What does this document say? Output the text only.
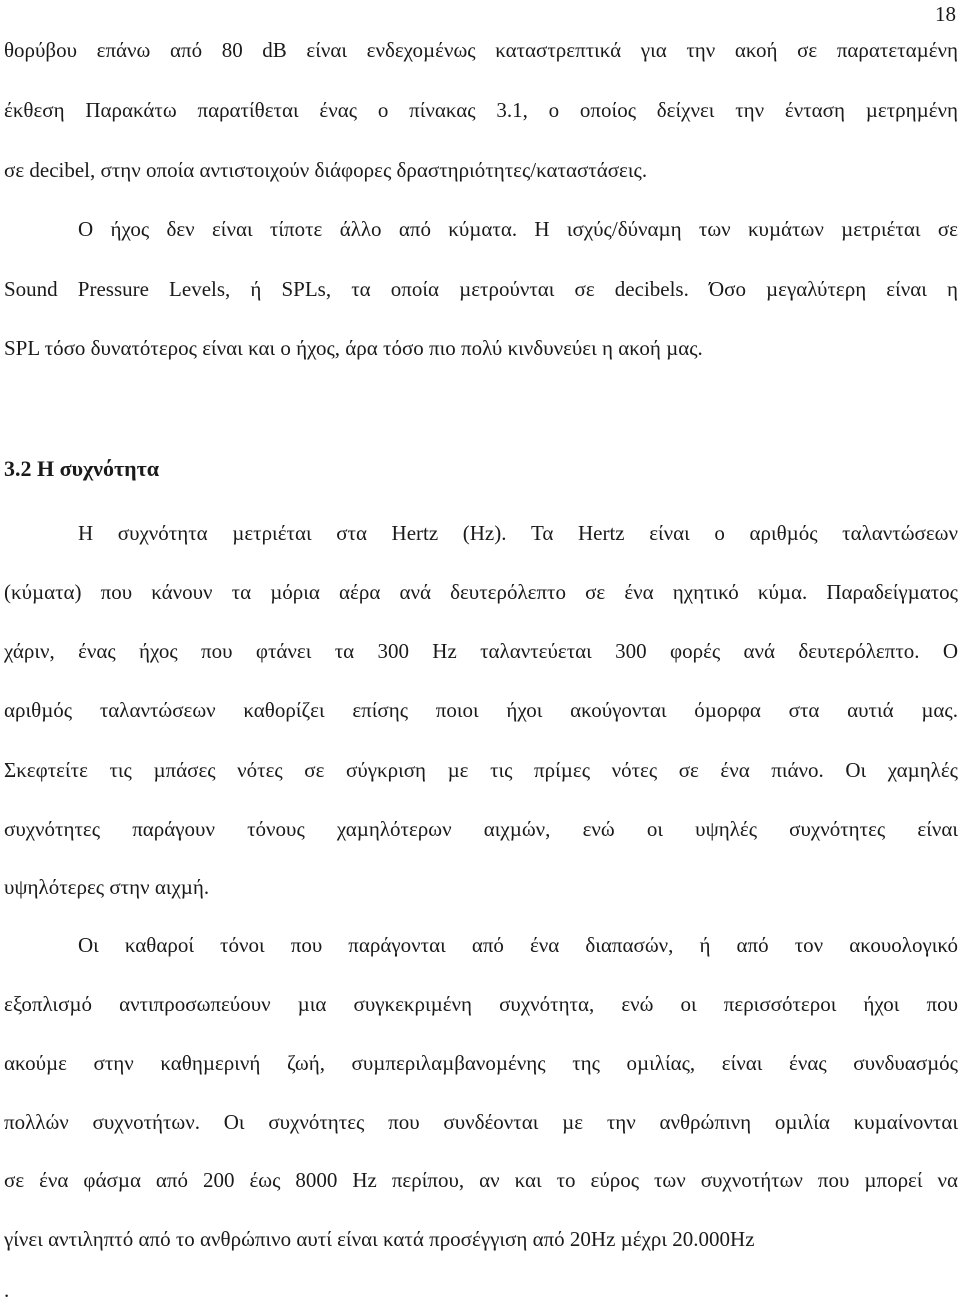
18
θορύβου επάνω από 80 dB είναι ενδεχοµένως καταστρεπτικά για την ακοή σε παρατεταµένη
έκθεση Παρακάτω παρατίθεται ένας ο πίνακας 3.1, ο οποίος δείχνει την ένταση µετρηµένη
σε decibel, στην οποία αντιστοιχούν διάφορες δραστηριότητες/καταστάσεις.
Ο ήχος δεν είναι τίποτε άλλο από κύµατα. Η ισχύς/δύναµη των κυµάτων µετριέται σε
Sound Pressure Levels, ή SPLs, τα οποία µετρούνται σε decibels. Όσο µεγαλύτερη είναι η
SPL τόσο δυνατότερος είναι και ο ήχος, άρα τόσο πιο πολύ κινδυνεύει η ακοή µας.
3.2 Η συχνότητα
Η συχνότητα µετριέται στα Hertz (Hz). Τα Hertz είναι ο αριθµός ταλαντώσεων
(κύµατα) που κάνουν τα µόρια αέρα ανά δευτερόλεπτο σε ένα ηχητικό κύµα. Παραδείγµατος
χάριν, ένας ήχος που φτάνει τα 300 Hz ταλαντεύεται 300 φορές ανά δευτερόλεπτο. Ο
αριθµός ταλαντώσεων καθορίζει επίσης ποιοι ήχοι ακούγονται όµορφα στα αυτιά µας.
Σκεφτείτε τις µπάσες νότες σε σύγκριση µε τις πρίµες νότες σε ένα πιάνο. Οι χαµηλές
συχνότητες παράγουν τόνους χαµηλότερων αιχµών, ενώ οι υψηλές συχνότητες είναι
υψηλότερες στην αιχµή.
Οι καθαροί τόνοι που παράγονται από ένα διαπασών, ή από τον ακουολογικό
εξοπλισµό αντιπροσωπεύουν µια συγκεκριµένη συχνότητα, ενώ οι περισσότεροι ήχοι που
ακούµε στην καθηµερινή ζωή, συµπεριλαµβανοµένης της οµιλίας, είναι ένας συνδυασµός
πολλών συχνοτήτων. Οι συχνότητες που συνδέονται µε την ανθρώπινη οµιλία κυµαίνονται
σε ένα φάσµα από 200 έως 8000 Hz περίπου, αν και το εύρος των συχνοτήτων που µπορεί να
γίνει αντιληπτό από το ανθρώπινο αυτί είναι κατά προσέγγιση από 20Hz µέχρι 20.000Hz
.
